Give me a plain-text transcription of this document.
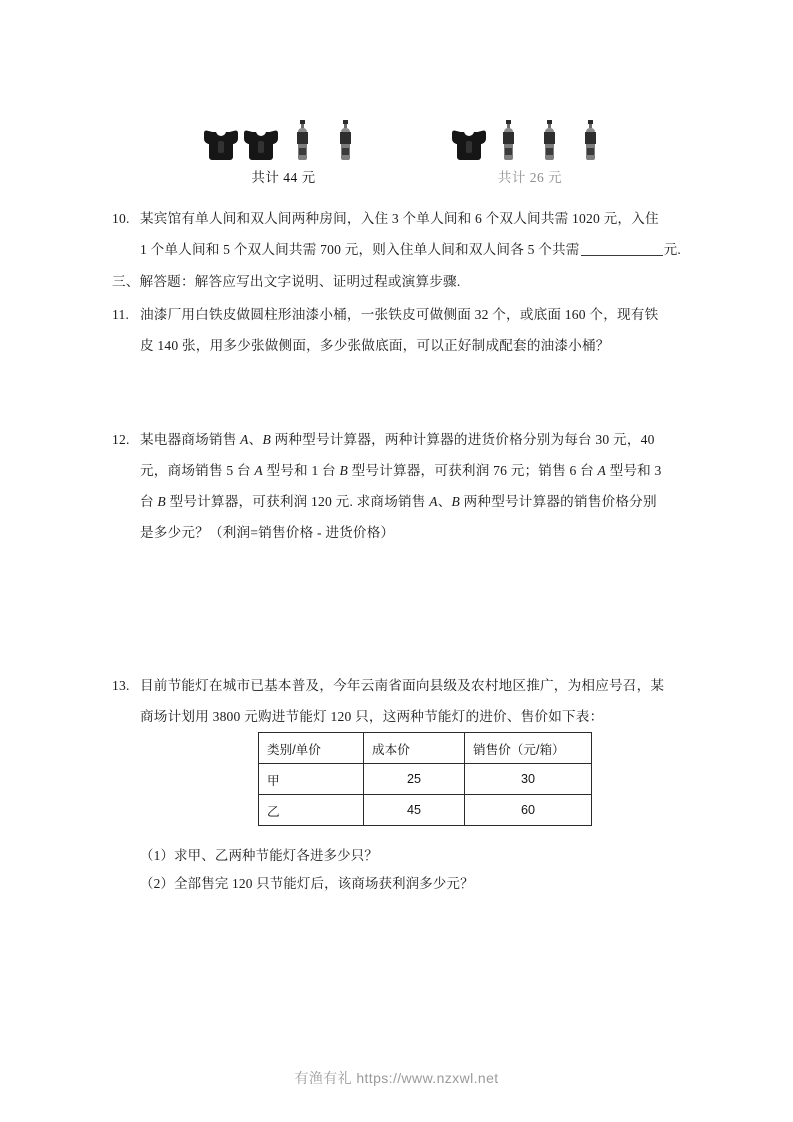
共计 44 元	共计 26 元
10. 某宾馆有单人间和双人间两种房间，入住 3 个单人间和 6 个双人间共需 1020 元，入住
1 个单人间和 5 个双人间共需 700 元，则入住单人间和双人间各 5 个共需	元.
三、解答题：解答应写出文字说明、证明过程或演算步骤.
11. 油漆厂用白铁皮做圆柱形油漆小桶，一张铁皮可做侧面 32 个，或底面 160 个，现有铁
皮 140 张，用多少张做侧面，多少张做底面，可以正好制成配套的油漆小桶？
12. 某电器商场销售 A、B 两种型号计算器，两种计算器的进货价格分别为每台 30 元，40
元，商场销售 5 台 A 型号和 1 台 B 型号计算器，可获利润 76 元；销售 6 台 A 型号和 3
台 B 型号计算器，可获利润 120 元. 求商场销售 A、B 两种型号计算器的销售价格分别
是多少元？（利润=销售价格 - 进货价格）
13. 目前节能灯在城市已基本普及，今年云南省面向县级及农村地区推广，为相应号召，某
商场计划用 3800 元购进节能灯 120 只，这两种节能灯的进价、售价如下表：
类别/单价	成本价	销售价（元/箱）
甲	25	30
乙	45	60
（1）求甲、乙两种节能灯各进多少只？
（2）全部售完 120 只节能灯后，该商场获利润多少元？
有渔有礼 https://www.nzxwl.net
